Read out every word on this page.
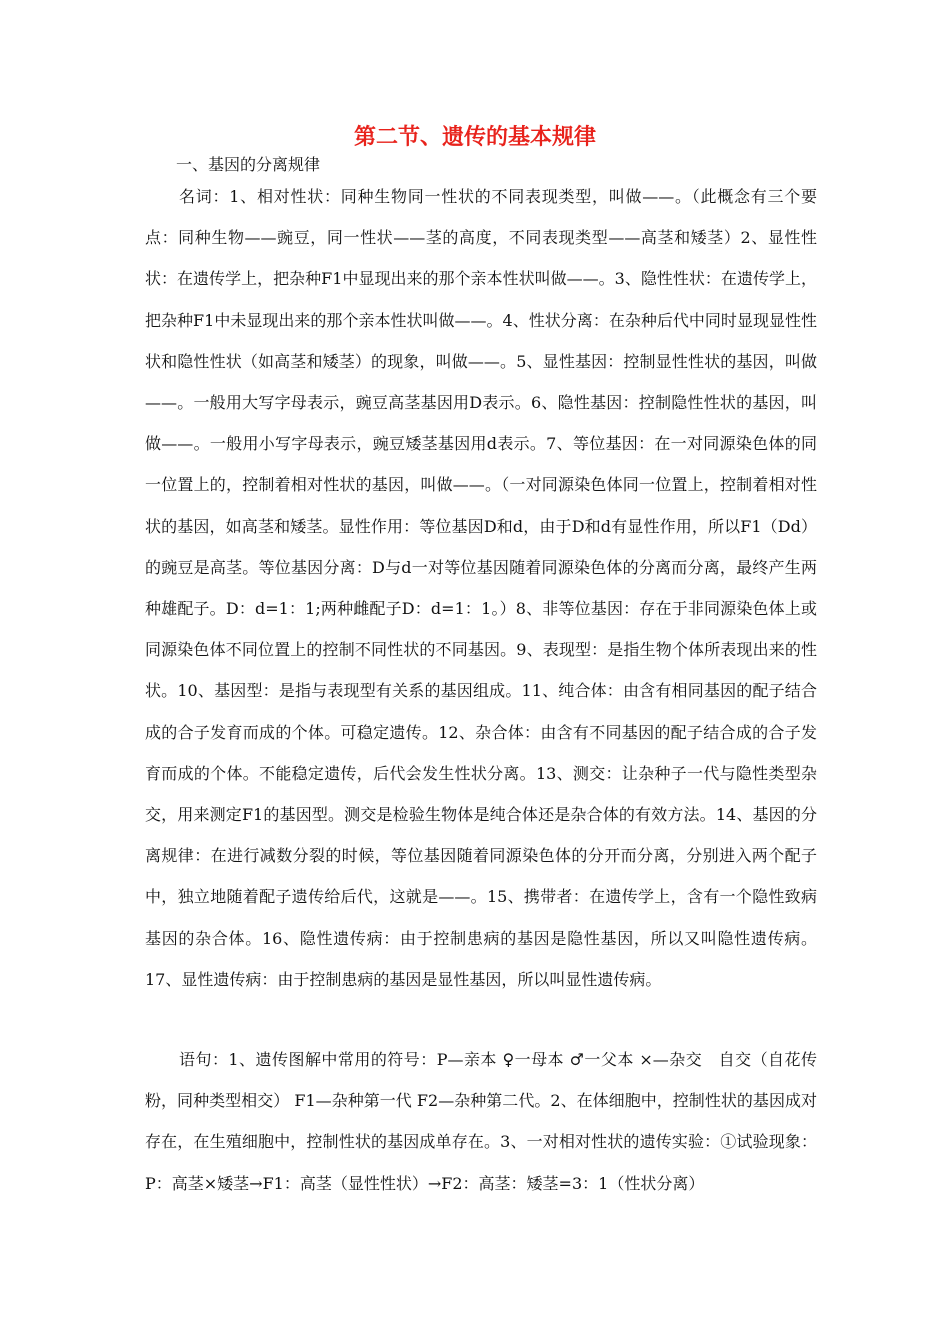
第二节、遗传的基本规律

一、基因的分离规律

名词：1、相对性状：同种生物同一性状的不同表现类型，叫做——。（此概念有三个要点：同种生物——豌豆，同一性状——茎的高度，不同表现类型——高茎和矮茎）2、显性性状：在遗传学上，把杂种F1中显现出来的那个亲本性状叫做——。3、隐性性状：在遗传学上，把杂种F1中未显现出来的那个亲本性状叫做——。4、性状分离：在杂种后代中同时显现显性性状和隐性性状（如高茎和矮茎）的现象，叫做——。5、显性基因：控制显性性状的基因，叫做——。一般用大写字母表示，豌豆高茎基因用D表示。6、隐性基因：控制隐性性状的基因，叫做——。一般用小写字母表示，豌豆矮茎基因用d表示。7、等位基因：在一对同源染色体的同一位置上的，控制着相对性状的基因，叫做——。（一对同源染色体同一位置上，控制着相对性状的基因，如高茎和矮茎。显性作用：等位基因D和d，由于D和d有显性作用，所以F1（Dd）的豌豆是高茎。等位基因分离：D与d一对等位基因随着同源染色体的分离而分离，最终产生两种雄配子。D：d=1：1;两种雌配子D：d=1：1。）8、非等位基因：存在于非同源染色体上或同源染色体不同位置上的控制不同性状的不同基因。9、表现型：是指生物个体所表现出来的性状。10、基因型：是指与表现型有关系的基因组成。11、纯合体：由含有相同基因的配子结合成的合子发育而成的个体。可稳定遗传。12、杂合体：由含有不同基因的配子结合成的合子发育而成的个体。不能稳定遗传，后代会发生性状分离。13、测交：让杂种子一代与隐性类型杂交，用来测定F1的基因型。测交是检验生物体是纯合体还是杂合体的有效方法。14、基因的分离规律：在进行减数分裂的时候，等位基因随着同源染色体的分开而分离，分别进入两个配子中，独立地随着配子遗传给后代，这就是——。15、携带者：在遗传学上，含有一个隐性致病基因的杂合体。16、隐性遗传病：由于控制患病的基因是隐性基因，所以又叫隐性遗传病。17、显性遗传病：由于控制患病的基因是显性基因，所以叫显性遗传病。

语句：1、遗传图解中常用的符号：P—亲本 ♀一母本 ♂一父本 ×—杂交　自交（自花传粉，同种类型相交） F1—杂种第一代 F2—杂种第二代。2、在体细胞中，控制性状的基因成对存在，在生殖细胞中，控制性状的基因成单存在。3、一对相对性状的遗传实验：①试验现象：P：高茎×矮茎→F1：高茎（显性性状）→F2：高茎：矮茎=3：1（性状分离）
